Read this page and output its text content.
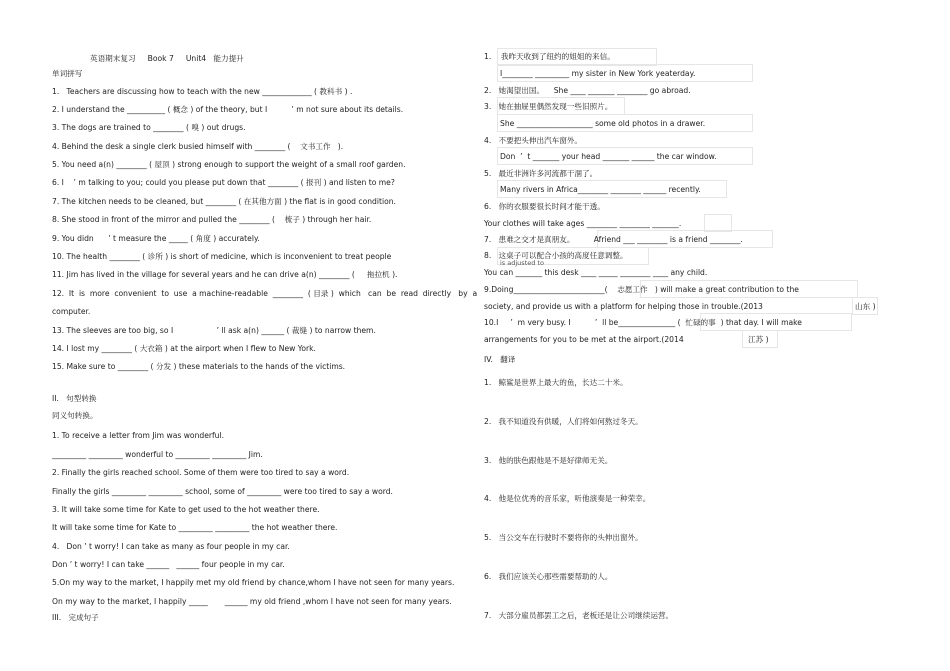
英语期末复习     Book 7     Unit4   能力提升
单词拼写
1.   Teachers are discussing how to teach with the new _____________ ( 教科书 ) .
2. I understand the __________ ( 概念 ) of the theory, but I          ’ m not sure about its details.
3. The dogs are trained to ________ ( 嗅 ) out drugs.
4. Behind the desk a single clerk busied himself with ________ (    文书工作   ).
5. You need a(n) ________ ( 屋顶 ) strong enough to support the weight of a small roof garden.
6. I    ’ m talking to you; could you please put down that ________ ( 报刊 ) and listen to me?
7. The kitchen needs to be cleaned, but ________ ( 在其他方面 ) the flat is in good condition.
8. She stood in front of the mirror and pulled the ________ (    梳子 ) through her hair.
9. You didn      ’ t measure the _____ ( 角度 ) accurately.
10. The health ________ ( 诊所 ) is short of medicine, which is inconvenient to treat people
11. Jim has lived in the village for several years and he can drive a(n) ________ (     拖拉机 ).
12.  It  is  more  convenient  to  use  a machine-readable  ________  ( 目录 )  which   can  be  read  directly   by  a
computer.
13. The sleeves are too big, so I                  ’ ll ask a(n) ______ ( 裁缝 ) to narrow them.
14. I lost my ________ ( 大衣箱 ) at the airport when I flew to New York.
15. Make sure to ________ ( 分发 ) these materials to the hands of the victims.
II.   句型转换
同义句转换。
1. To receive a letter from Jim was wonderful.
_________ _________ wonderful to _________ _________ Jim.
2. Finally the girls reached school. Some of them were too tired to say a word.
Finally the girls _________ _________ school, some of _________ were too tired to say a word.
3. It will take some time for Kate to get used to the hot weather there.
It will take some time for Kate to _________ _________ the hot weather there.
4.   Don ’ t worry! I can take as many as four people in my car.
Don ’ t worry! I can take ______   ______ four people in my car.
5.On my way to the market, I happily met my old friend by chance,whom I have not seen for many years.
On my way to the market, I happily _____       ______ my old friend ,whom I have not seen for many years.
III.   完成句子
1.    我昨天收到了纽约的姐姐的来信。
I________ _________ my sister in New York yeaterday.
2.   她渴望出国。    She ____ _______ ________ go abroad.
3.   她在抽屉里偶然发现一些旧照片。
She ____________________ some old photos in a drawer.
4.   不要把头伸出汽车窗外。
Don  ’  t _______ your head _______ ______ the car window.
5.   最近非洲许多河流都干涸了。
Many rivers in Africa________ ________ ______ recently.
6.   你的衣服要很长时间才能干透。
Your clothes will take ages ________ ________ _______.
7.   患难之交才是真朋友。        Afriend ___ ________ is a friend ________.
8.   这桌子可以配合小孩的高度任意调整。
is adjusted to
You can _______ this desk ____ _____ ________ ____ any child.
9.Doing________________________(    志愿工作   ) will make a great contribution to the
society, and provide us with a platform for helping those in trouble.(2013	山东 )
10.I     ’  m very busy. I          ’  ll be_______________ (  忙碌的事  ) that day. I will make
arrangements for you to be met at the airport.(2014	江苏 )
IV.   翻译
1.   鲸鲨是世界上最大的鱼，长达二十米。
2.   我不知道没有供暖，人们将如何熬过冬天。
3.   他的肤色跟他是不是好律师无关。
4.   他是位优秀的音乐家，听他演奏是一种荣幸。
5.   当公交车在行驶时不要将你的头伸出窗外。
6.   我们应该关心那些需要帮助的人。
7.   大部分雇员都罢工之后，老板还是让公司继续运营。
